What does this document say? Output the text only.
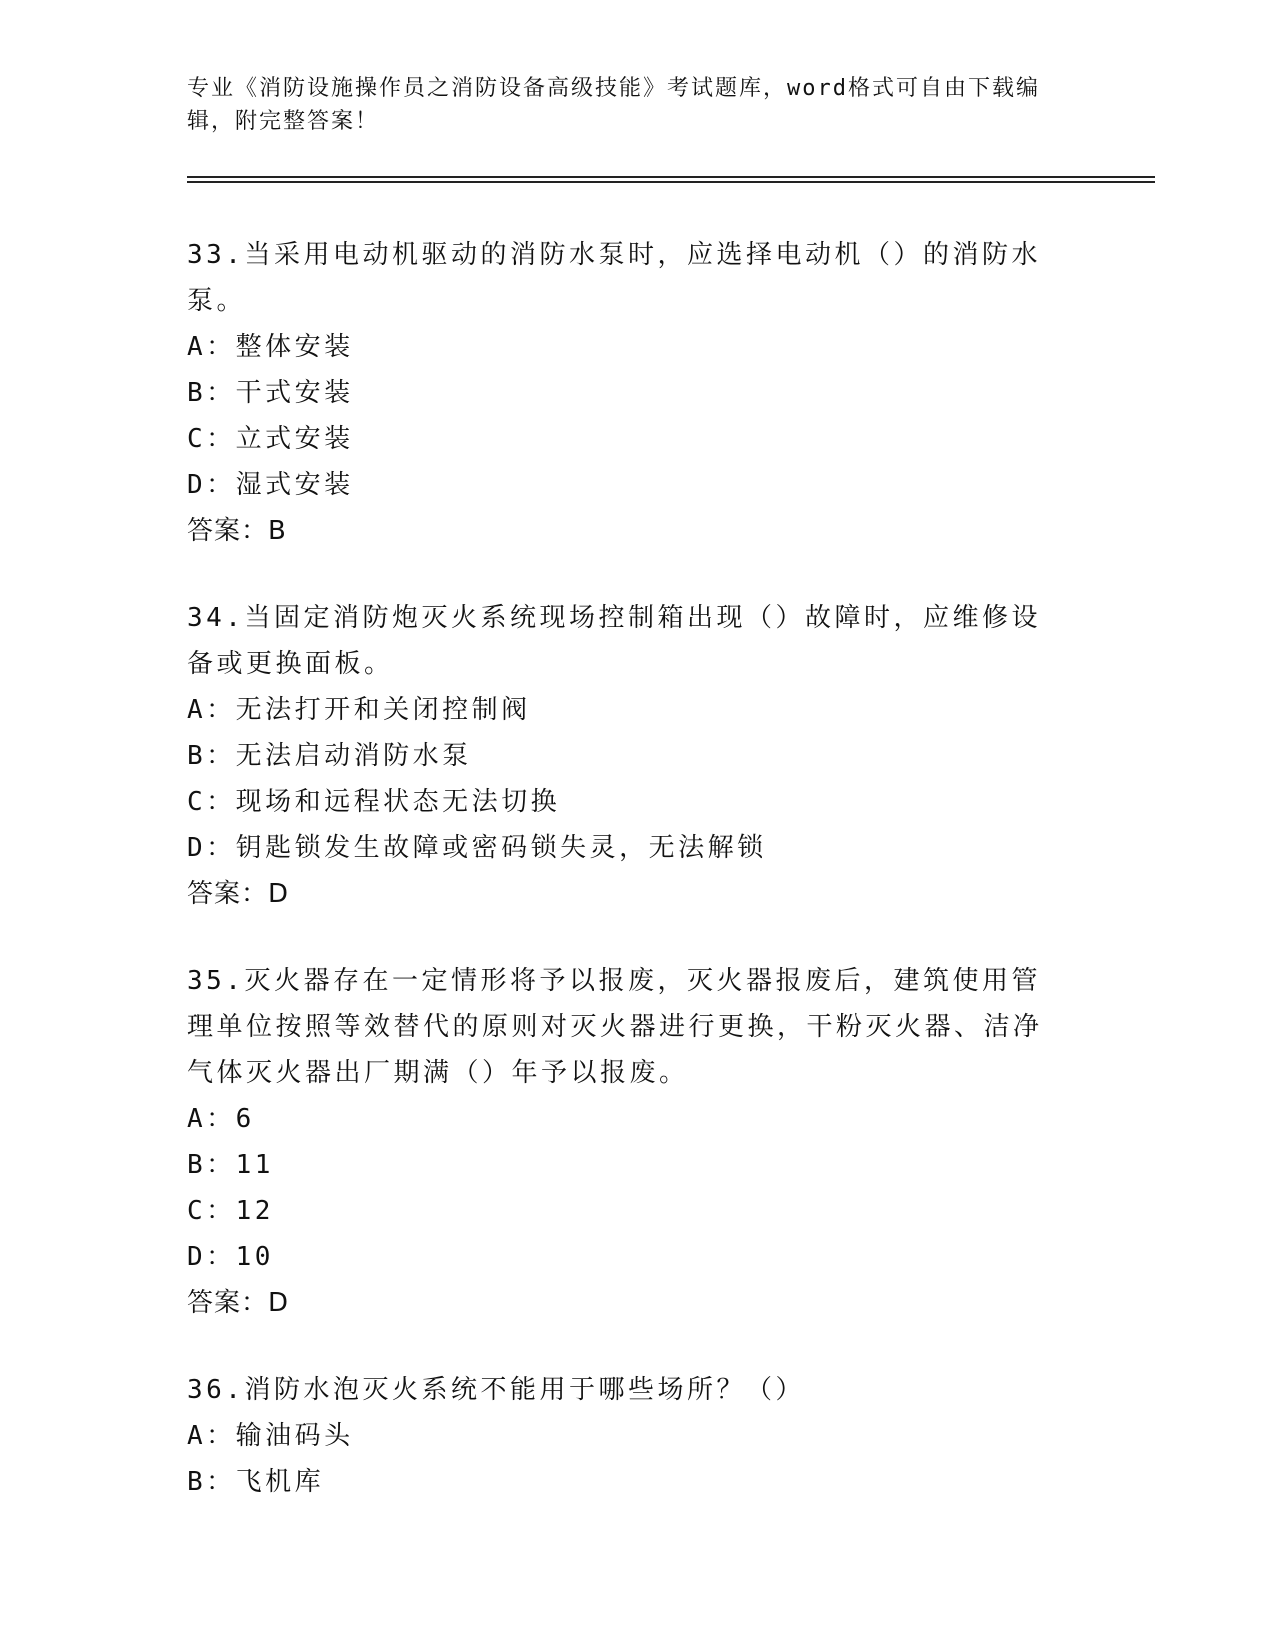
专业《消防设施操作员之消防设备高级技能》考试题库，word格式可自由下载编辑，附完整答案！
33.当采用电动机驱动的消防水泵时，应选择电动机（）的消防水泵。
A：整体安装
B：干式安装
C：立式安装
D：湿式安装
答案：B
34.当固定消防炮灭火系统现场控制箱出现（）故障时，应维修设备或更换面板。
A：无法打开和关闭控制阀
B：无法启动消防水泵
C：现场和远程状态无法切换
D：钥匙锁发生故障或密码锁失灵，无法解锁
答案：D
35.灭火器存在一定情形将予以报废，灭火器报废后，建筑使用管理单位按照等效替代的原则对灭火器进行更换，干粉灭火器、洁净气体灭火器出厂期满（）年予以报废。
A：6
B：11
C：12
D：10
答案：D
36.消防水泡灭火系统不能用于哪些场所？（）
A：输油码头
B：飞机库
